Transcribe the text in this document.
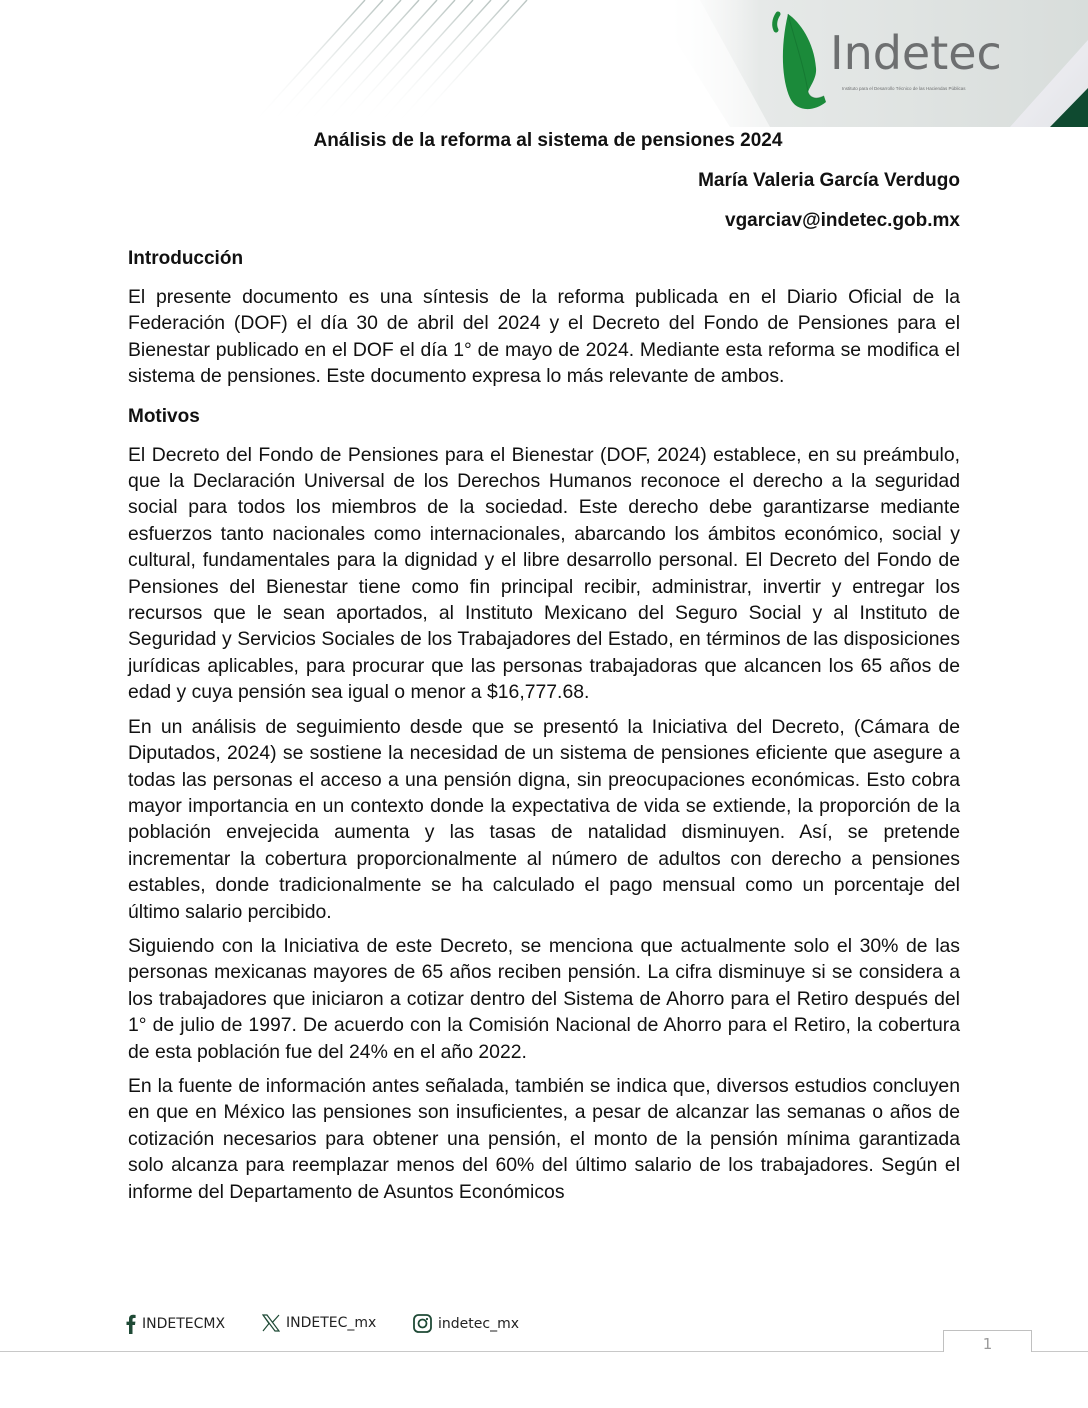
Indetec
Instituto para el Desarrollo Técnico de las Haciendas Públicas
Análisis de la reforma al sistema de pensiones 2024
María Valeria García Verdugo
vgarciav@indetec.gob.mx
Introducción

El presente documento es una síntesis de la reforma publicada en el Diario Oficial de la Federación (DOF) el día 30 de abril del 2024 y el Decreto del Fondo de Pensiones para el Bienestar publicado en el DOF el día 1° de mayo de 2024. Mediante esta reforma se modifica el sistema de pensiones. Este documento expresa lo más relevante de ambos.

Motivos

El Decreto del Fondo de Pensiones para el Bienestar (DOF, 2024) establece, en su preámbulo, que la Declaración Universal de los Derechos Humanos reconoce el derecho a la seguridad social para todos los miembros de la sociedad. Este derecho debe garantizarse mediante esfuerzos tanto nacionales como internacionales, abarcando los ámbitos económico, social y cultural, fundamentales para la dignidad y el libre desarrollo personal. El Decreto del Fondo de Pensiones del Bienestar tiene como fin principal recibir, administrar, invertir y entregar los recursos que le sean aportados, al Instituto Mexicano del Seguro Social y al Instituto de Seguridad y Servicios Sociales de los Trabajadores del Estado, en términos de las disposiciones jurídicas aplicables, para procurar que las personas trabajadoras que alcancen los 65 años de edad y cuya pensión sea igual o menor a $16,777.68.

En un análisis de seguimiento desde que se presentó la Iniciativa del Decreto, (Cámara de Diputados, 2024) se sostiene la necesidad de un sistema de pensiones eficiente que asegure a todas las personas el acceso a una pensión digna, sin preocupaciones económicas. Esto cobra mayor importancia en un contexto donde la expectativa de vida se extiende, la proporción de la población envejecida aumenta y las tasas de natalidad disminuyen. Así, se pretende incrementar la cobertura proporcionalmente al número de adultos con derecho a pensiones estables, donde tradicionalmente se ha calculado el pago mensual como un porcentaje del último salario percibido.

Siguiendo con la Iniciativa de este Decreto, se menciona que actualmente solo el 30% de las personas mexicanas mayores de 65 años reciben pensión. La cifra disminuye si se considera a los trabajadores que iniciaron a cotizar dentro del Sistema de Ahorro para el Retiro después del 1° de julio de 1997. De acuerdo con la Comisión Nacional de Ahorro para el Retiro, la cobertura de esta población fue del 24% en el año 2022.

En la fuente de información antes señalada, también se indica que, diversos estudios concluyen en que en México las pensiones son insuficientes, a pesar de alcanzar las semanas o años de cotización necesarios para obtener una pensión, el monto de la pensión mínima garantizada solo alcanza para reemplazar menos del 60% del último salario de los trabajadores. Según el informe del Departamento de Asuntos Económicos

INDETECMX	INDETEC_mx	indetec_mx
1
